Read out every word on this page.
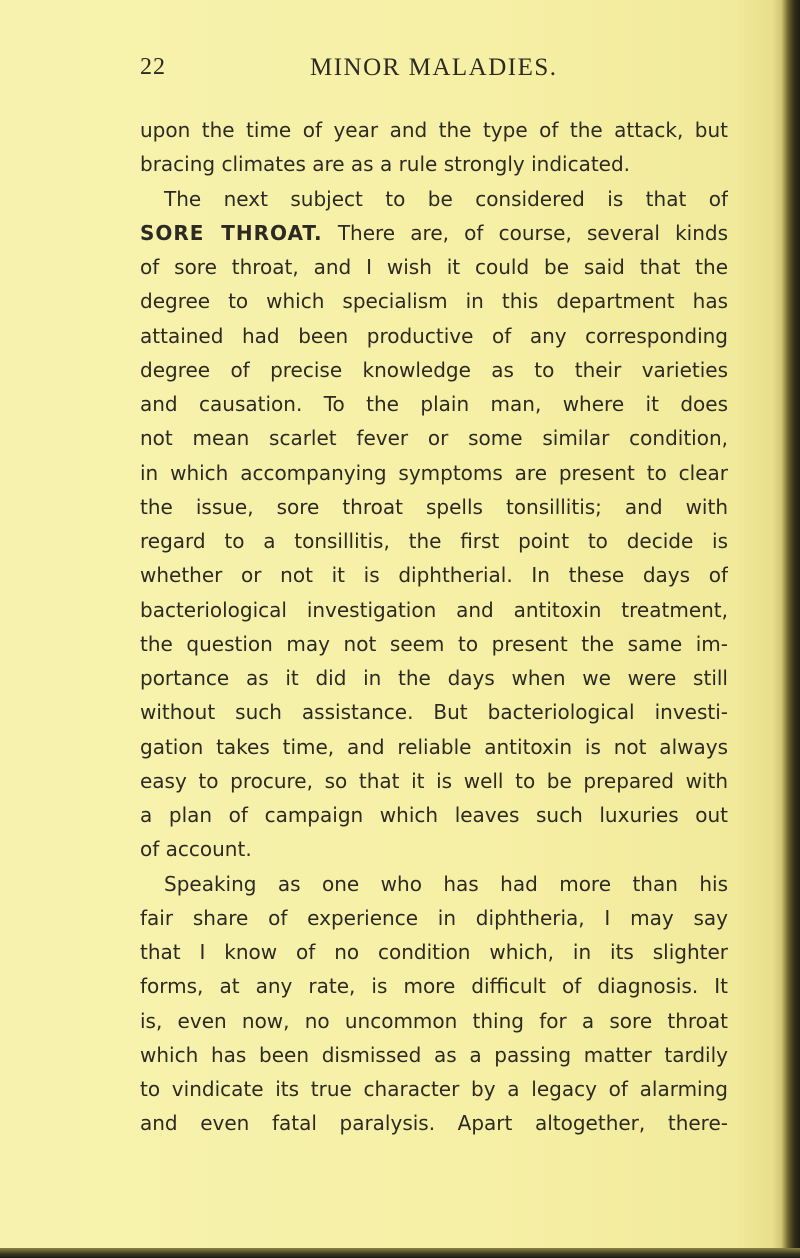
22	MINOR MALADIES.
upon the time of year and the type of the attack, but
bracing climates are as a rule strongly indicated.
The next subject to be considered is that of
SORE THROAT. There are, of course, several kinds
of sore throat, and I wish it could be said that the
degree to which specialism in this department has
attained had been productive of any corresponding
degree of precise knowledge as to their varieties
and causation. To the plain man, where it does
not mean scarlet fever or some similar condition,
in which accompanying symptoms are present to clear
the issue, sore throat spells tonsillitis; and with
regard to a tonsillitis, the first point to decide is
whether or not it is diphtherial. In these days of
bacteriological investigation and antitoxin treatment,
the question may not seem to present the same im-
portance as it did in the days when we were still
without such assistance. But bacteriological investi-
gation takes time, and reliable antitoxin is not always
easy to procure, so that it is well to be prepared with
a plan of campaign which leaves such luxuries out
of account.
Speaking as one who has had more than his
fair share of experience in diphtheria, I may say
that I know of no condition which, in its slighter
forms, at any rate, is more difficult of diagnosis. It
is, even now, no uncommon thing for a sore throat
which has been dismissed as a passing matter tardily
to vindicate its true character by a legacy of alarming
and even fatal paralysis. Apart altogether, there-
